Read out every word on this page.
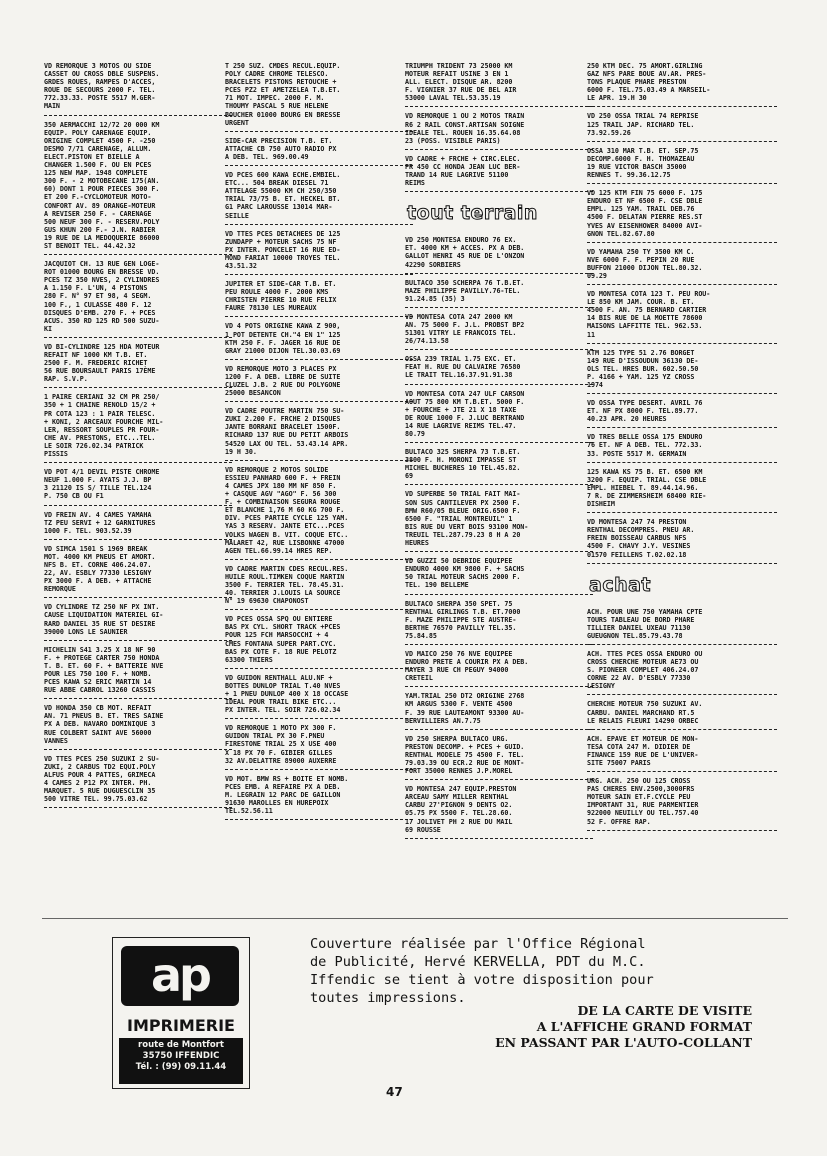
VD REMORQUE 3 MOTOS OU SIDE
CASSET OU CROSS DBLE SUSPENS.
GRDES ROUES, RAMPES D'ACCES,
ROUE DE SECOURS 2000 F. TEL.
772.33.33. POSTE 5517 M.GER-
MAIN
350 AERMACCHI 12/72 20 000 KM
EQUIP. POLY CARENAGE EQUIP.
ORIGINE COMPLET 4500 F. -250
DESMO 7/71 CARENAGE, ALLUM.
ELECT.PISTON ET BIELLE A
CHANGER 1.500 F. OU EN PCES
125 NEW MAP. 1948 COMPLETE
300 F. - 2 MOTOBECANE 175(AN.
60) DONT 1 POUR PIECES 300 F.
ET 200 F.-CYCLOMOTEUR MOTO-
CONFORT AV. 89 ORANGE-MOTEUR
A REVISER 250 F. - CARENAGE
500 NEUF 300 F. - RESERV.POLY
GUS KHUN 200 F.- J.N. RABIER
19 RUE DE LA MEDOQUERIE 86000
ST BENOIT TEL. 44.42.32
JACQUIOT CH. 13 RUE GEN LOGE-
ROT 01000 BOURG EN BRESSE VD.
PCES TZ 350 NVES, 2 CYLINDRES
A 1.150 F. L'UN, 4 PISTONS
280 F. N° 97 ET 98, 4 SEGM.
100 F., 1 CULASSE 480 F. 12
DISQUES D'EMB. 270 F. + PCES
ACUS. 350 RD 125 RD 500 SUZU-
KI
VD BI-CYLINDRE 125 HDA MOTEUR
REFAIT NF 1000 KM T.B. ET.
2500 F. M. FREDERIC RICHET
56 RUE BOURSAULT PARIS 17ÈME
RAP. S.V.P.
1 PAIRE CERIANI 32 CM PR 250/
350 + 1 CHAINE RENOLD 15/2 +
PR COTA 123 : 1 PAIR TELESC.
+ KONI, 2 ARCEAUX FOURCHE MIL-
LER, RESSORT SOUPLES PR FOUR-
CHE AV. PRESTONS, ETC...TEL.
LE SOIR 726.02.34 PATRICK
PISSIS
VD POT 4/1 DEVIL PISTE CHROME
NEUF 1.000 F. AYATS J.J. BP
3 21120 IS S/ TILLE TEL.124
P. 750 CB OU F1
VD FREIN AV. 4 CAMES YAMAHA
TZ PEU SERVI + 12 GARNITURES
1000 F. TEL. 903.52.39
VD SIMCA 1501 S 1969 BREAK
MOT. 4000 KM PNEUS ET AMORT.
NFS B. ET. CORNE 406.24.07.
22, AV. ESBLY 77330 LESIGNY
PX 3000 F. A DEB. + ATTACHE
REMORQUE
VD CYLINDRE TZ 250 NF PX INT.
CAUSE LIQUIDATION MATERIEL GI-
RARD DANIEL 35 RUE ST DESIRE
39000 LONS LE SAUNIER
MICHELIN S41 3.25 X 18 NF 90
F. + PROTEGE CARTER 750 HONDA
T. B. ET. 60 F. + BATTERIE NVE
POUR LES 750 100 F. + NOMB.
PCES KAWA S2 ERIC MARTIN 14
RUE ABBE CABROL 13260 CASSIS
VD HONDA 350 CB MOT. REFAIT
AN. 71 PNEUS B. ET. TRES SAINE
PX A DEB. NAVARO DOMINIQUE 3
RUE COLBERT SAINT AVE 56000
VANNES
VD TTES PCES 250 SUZUKI 2 SU-
ZUKI, 2 CARBUS TD2 EQUI.POLY
ALFUS POUR 4 PATTES, GRIMECA
4 CAMES 2 P12 PX INTER. PH.
MARQUET. 5 RUE DUGUESCLIN 35
500 VITRE TEL. 99.75.03.62
T 250 SUZ. CMDES RECUL.EQUIP.
POLY CADRE CHROME TELESCO.
BRACELETS PISTONS RETOUCHE +
PCES PZ2 ET AMETZELEA T.B.ET.
71 MOT. IMPEC. 2000 F. M.
THOUMY PASCAL 5 RUE HELENE
BOUCHER 01000 BOURG EN BRESSE
URGENT
SIDE-CAR PRECISION T.B. ET.
ATTACHE CB 750 AUTO RADIO PX
A DEB. TEL. 969.00.49
VD PCES 600 KAWA ECHE.EMBIEL.
ETC... 504 BREAK DIESEL 71
ATTELAGE 55000 KM CH 250/350
TRIAL 73/75 B. ET. HECKEL BT.
G1 PARC LAROUSSE 13014 MAR-
SEILLE
VD TTES PCES DETACHEES DE 125
ZUNDAPP + MOTEUR SACHS 75 NF
PX INTER. PONCELET 16 RUE ED-
MOND FARIAT 10000 TROYES TEL.
43.51.32
JUPITER ET SIDE-CAR T.B. ET.
PEU ROULE 4000 F. 2000 KMS
CHRISTEN PIERRE 10 RUE FELIX
FAURE 78130 LES MUREAUX
VD 4 POTS ORIGINE KAWA Z 900,
1 POT DETENTE CH."4 EN 1" 125
KTM 250 F. F. JAGER 16 RUE DE
GRAY 21000 DIJON TEL.30.03.69
VD REMORQUE MOTO 3 PLACES PX
1200 F. A DEB. LIBRE DE SUITE
CLUZEL J.B. 2 RUE DU POLYGONE
25000 BESANCON
VD CADRE POUTRE MARTIN 750 SU-
ZUKI 2.200 F. FRCHE 2 DISQUES
JANTE BORRANI BRACELET 1500F.
RICHARD 137 RUE DU PETIT ARBOIS
54520 LAX OU TEL. 53.43.14 APR.
19 H 30.
VD REMORQUE 2 MOTOS SOLIDE
ESSIEU PANHARD 600 F. + FREIN
4 CAMES JPX 180 MM NF 850 F.
+ CASQUE AGV "AGO" F. 56 300
F. + COMBINAISON SEGURA ROUGE
ET BLANCHE 1,76 M 60 KG 700 F.
DIV. PCES PARTIE CYCLE 125 YAM.
YAS 3 RESERV. JANTE ETC...PCES
VOLKS WAGEN B. VIT. COQUE ETC..
MALARET 42, RUE LISBONNE 47000
AGEN TEL.66.99.14 HRES REP.
VD CADRE MARTIN CDES RECUL.RES.
HUILE ROUL.TIMKEN COQUE MARTIN
3500 F. TERRIER TEL. 78.45.31.
40. TERRIER J.LOUIS LA SOURCE
N° 19 69630 CHAPONOST
VD PCES OSSA SPQ OU ENTIERE
BAS PX CYL. SHORT TRACK +PCES
POUR 125 FCH MARSOCCHI + 4
CMES FONTANA SUPER PART.CYC.
BAS PX COTE F. 18 RUE PELOTZ
63300 THIERS
VD GUIDON RENTHALL ALU.NF +
BOTTES DUNLOP TRIAL T.40 NVES
+ 1 PNEU DUNLOP 400 X 18 OCCASE
IDEAL POUR TRAIL BIKE ETC...
PX INTER. TEL. SOIR 726.02.34
VD REMORQUE 1 MOTO PX 300 F.
GUIDON TRIAL PX 30 F.PNEU
FIRESTONE TRIAL 25 X USE 400
X 18 PX 70 F. GIBIER GILLES
32 AV.DELATTRE 89000 AUXERRE
VD MOT. BMW RS + BOITE ET NOMB.
PCES EMB. A REFAIRE PX A DEB.
M. LEGRAIN 12 PARC DE GAILLON
91630 MAROLLES EN HUREPOIX
TEL.52.56.11
TRIUMPH TRIDENT 73 25000 KM
MOTEUR REFAIT USINE 3 EN 1
ALL. ELECT. DISQUE AR. 8200
F. VIGNIER 37 RUE DE BEL AIR
53000 LAVAL TEL.53.35.19
VD REMORQUE 1 OU 2 MOTOS TRAIN
R6 2 RAIL CONST.ARTISAN SOIGNE
IDEALE TEL. ROUEN 16.35.64.08
23 (POSS. VISIBLE PARIS)
VD CADRE + FRCHE + CIRC.ELEC.
PR 450 CC HONDA JEAN LUC BER-
TRAND 14 RUE LAGRIVE 51100
REIMS
tout terrain
VD 250 MONTESA ENDURO 76 EX.
ET. 4000 KM + ACCES. PX A DEB.
GALLOT HENRI 45 RUE DE L'ONZON
42290 SORBIERS
BULTACO 350 SCHERPA 76 T.B.ET.
MAZE PHILIPPE PAVILLY.76-TEL.
91.24.85 (35) 3
VD MONTESA COTA 247 2000 KM
AN. 75 5000 F. J.L. PROBST BP2
51301 VITRY LE FRANCOIS TEL.
26/74.13.58
OSSA 239 TRIAL 1.75 EXC. ET.
FEAT H. RUE DU CALVAIRE 76580
LE TRAIT TEL.16.37.91.91.38
VD MONTESA COTA 247 ULF CARSON
AOUT 75 800 KM T.B.ET. 5000 F.
+ FOURCHE + JTE 21 X 18 TAXE
DE ROUE 1000 F. J.LUC BERTRAND
14 RUE LAGRIVE REIMS TEL.47.
80.79
BULTACO 325 SHERPA 73 T.B.ET.
3800 F. H. MORONI IMPASSE ST
MICHEL BUCHERES 10 TEL.45.82.
69
VD SUPERBE 50 TRIAL FAIT MAI-
SON SUS CANTILEVER PX 2500 F.
BMW R60/05 BLEUE ORIG.6500 F.
6500 F. "TRIAL MONTREUIL" 1
BIS RUE DU VERT BOIS 93100 MON-
TREUIL TEL.287.79.23 8 H A 20
HEURES
VD GUZZI 50 DEBRIDE EQUIPEE
ENDURO 4000 KM 9800 F. + SACHS
50 TRIAL MOTEUR SACHS 2000 F.
TEL. 190 BELLEME
BULTACO SHERPA 350 SPET. 75
RENTHAL GIRLINGS T.B. ET.7000
F. MAZE PHILIPPE STE AUSTRE-
BERTHE 76570 PAVILLY TEL.35.
75.84.85
VD MAICO 250 76 NVE EQUIPEE
ENDURO PRETE A COURIR PX A DEB.
MAYER 3 RUE CH PEGUY 94000
CRETEIL
YAM.TRIAL 250 DT2 ORIGINE 2768
KM ARGUS 5300 F. VENTE 4500
F. 39 RUE LAUTEAMONT 93300 AU-
BERVILLIERS AN.7.75
VD 250 SHERPA BULTACO URG.
PRESTON DECOMP. + PCES + GUID.
RENTHAL MODELE 75 4500 F. TEL.
79.03.39 OU ECR.2 RUE DE MONT-
FORT 35000 RENNES J.P.MOREL
VD MONTESA 247 EQUIP.PRESTON
ARCEAU SAMY MILLER RENTHAL
CARBU 27'PIGNON 9 DENTS O2.
05.75 PX 5500 F. TEL.28.60.
17 JOLIVET PH 2 RUE DU MAIL
69 ROUSSE
250 KTM DEC. 75 AMORT.GIRLING
GAZ NFS PARE BOUE AV.AR. PRES-
TONS PLAQUE PHARE PRESTON
6000 F. TEL.75.03.49 A MARSEIL-
LE APR. 19.H 30
VD 250 OSSA TRIAL 74 REPRISE
125 TRAIL JAP. RICHARD TEL.
73.92.59.26
OSSA 310 MAR T.B. ET. SEP.75
DECOMP.6000 F. H. THOMAZEAU
19 RUE VICTOR BASCH 35000
RENNES T. 99.36.12.75
VD 125 KTM FIN 75 6000 F. 175
ENDURO ET NF 6500 F. CSE DBLE
EMPL. 125 YAM. TRAIL DEB.76
4500 F. DELATAN PIERRE RES.ST
YVES AV EISENHOWER 84000 AVI-
GNON TEL.82.67.80
VD YAMAHA 250 TY 3500 KM C.
NVE 6000 F. F. PEPIN 20 RUE
BUFFON 21000 DIJON TEL.80.32.
09.29
VD MONTESA COTA 123 T. PEU ROU-
LE 850 KM JAM. COUR. B. ET.
4500 F. AN. 75 BERNARD CARTIER
14 BIS RUE DE LA MOETTE 78600
MAISONS LAFFITTE TEL. 962.53.
11
KTM 125 TYPE 51 2.76 BORGET
149 RUE D'ISSOUDUN 36130 DE-
OLS TEL. HRES BUR. 602.50.50
P. 4166 + YAM. 125 YZ CROSS
1974
VD OSSA TYPE DESERT. AVRIL 76
ET. NF PX 8000 F. TEL.89.77.
40.23 APR. 20 HEURES
VD TRES BELLE OSSA 175 ENDURO
76 ET. NF A DEB. TEL. 772.33.
33. POSTE 5517 M. GERMAIN
125 KAWA KS 75 B. ET. 6500 KM
3200 F. EQUIP. TRIAL. CSE DBLE
EMPL. HIEBEL T. 89.44.14.96.
7 R. DE ZIMMERSHEIM 68400 RIE-
DISHEIM
VD MONTESA 247 74 PRESTON
RENTHAL DECOMPRES. PNEU AR.
FREIN BOISSEAU CARBUS NFS
4500 F. CHAVY J.Y. VESINES
01570 FEILLENS T.02.02.18
achat
ACH. POUR UNE 750 YAMAHA CPTE
TOURS TABLEAU DE BORD PHARE
TILLIER DANIEL UXEAU 71130
GUEUGNON TEL.85.79.43.78
ACH. TTES PCES OSSA ENDURO OU
CROSS CHERCHE MOTEUR AE73 OU
S. PIONEER COMPLET 406.24.07
CORNE 22 AV. D'ESBLY 77330
LESIGNY
CHERCHE MOTEUR 750 SUZUKI AV.
CARBU. DANIEL MARCHAND RT.5
LE RELAIS FLEURI 14290 ORBEC
ACH. EPAVE ET MOTEUR DE MON-
TESA COTA 247 M. DIDIER DE
FINANCE 159 RUE DE L'UNIVER-
SITE 75007 PARIS
URG. ACH. 250 OU 125 CROSS
PAS CHERES ENV.2500,3000FRS
MOTEUR SAIN ET.F.CYCLE PEU
IMPORTANT 31, RUE PARMENTIER
922000 NEUILLY OU TEL.757.40
52 F. OFFRE RAP.
ap
IMPRIMERIE
route de Montfort
35750 IFFENDIC
Tél. : (99) 09.11.44
Couverture réalisée par l'Office Régional
de Publicité, Hervé KERVELLA, PDT du M.C.
Iffendic se tient à votre disposition pour
toutes impressions.
DE LA CARTE DE VISITE
A L'AFFICHE GRAND FORMAT
EN PASSANT PAR L'AUTO-COLLANT
47
